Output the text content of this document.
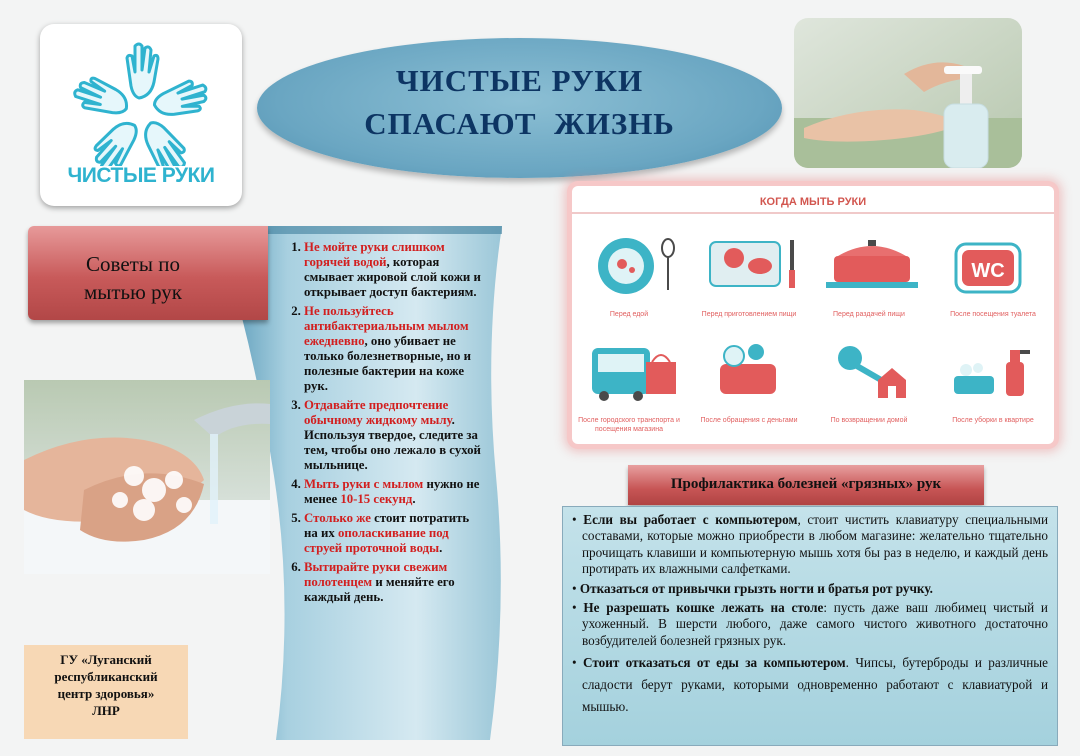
ЧИСТЫЕ РУКИ
ЧИСТЫЕ РУКИ
СПАСАЮТ  ЖИЗНЬ
Советы по
мытью рук
1. Не мойте руки слишком горячей водой, которая смывает жировой слой кожи и открывает доступ бактериям.
2. Не пользуйтесь антибактериальным мылом ежедневно, оно убивает не только болезнетворные, но и полезные бактерии на коже рук.
3. Отдавайте предпочтение обычному жидкому мылу. Используя твердое, следите за тем, чтобы оно лежало в сухой мыльнице.
4. Мыть руки с мылом нужно не менее 10-15 секунд.
5. Столько же стоит потратить на их ополаскивание под струей проточной воды.
6. Вытирайте руки свежим полотенцем и меняйте его каждый день.
ГУ «Луганский
республиканский
центр здоровья»
ЛНР
КОГДА МЫТЬ РУКИ
WC
Перед едой	Перед приготовлением пищи	Перед раздачей пищи	После посещения туалета
После городского транспорта и посещения магазина
После обращения с деньгами	По возвращении домой	После уборки в квартире
Профилактика болезней «грязных» рук

• Если вы работает с компьютером, стоит чистить клавиатуру специальными составами, которые можно приобрести в любом магазине: желательно тщательно прочищать клавиши и компьютерную мышь хотя бы раз в неделю, и каждый день протирать их влажными салфетками.

• Отказаться от привычки грызть ногти и братья рот ручку.

• Не разрешать кошке лежать на столе: пусть даже ваш любимец чистый и ухоженный. В шерсти любого, даже самого чистого животного достаточно возбудителей болезней грязных рук.

• Стоит отказаться от еды за компьютером. Чипсы, бутерброды и различные сладости берут руками, которыми одновременно работают с клавиатурой и мышью.
